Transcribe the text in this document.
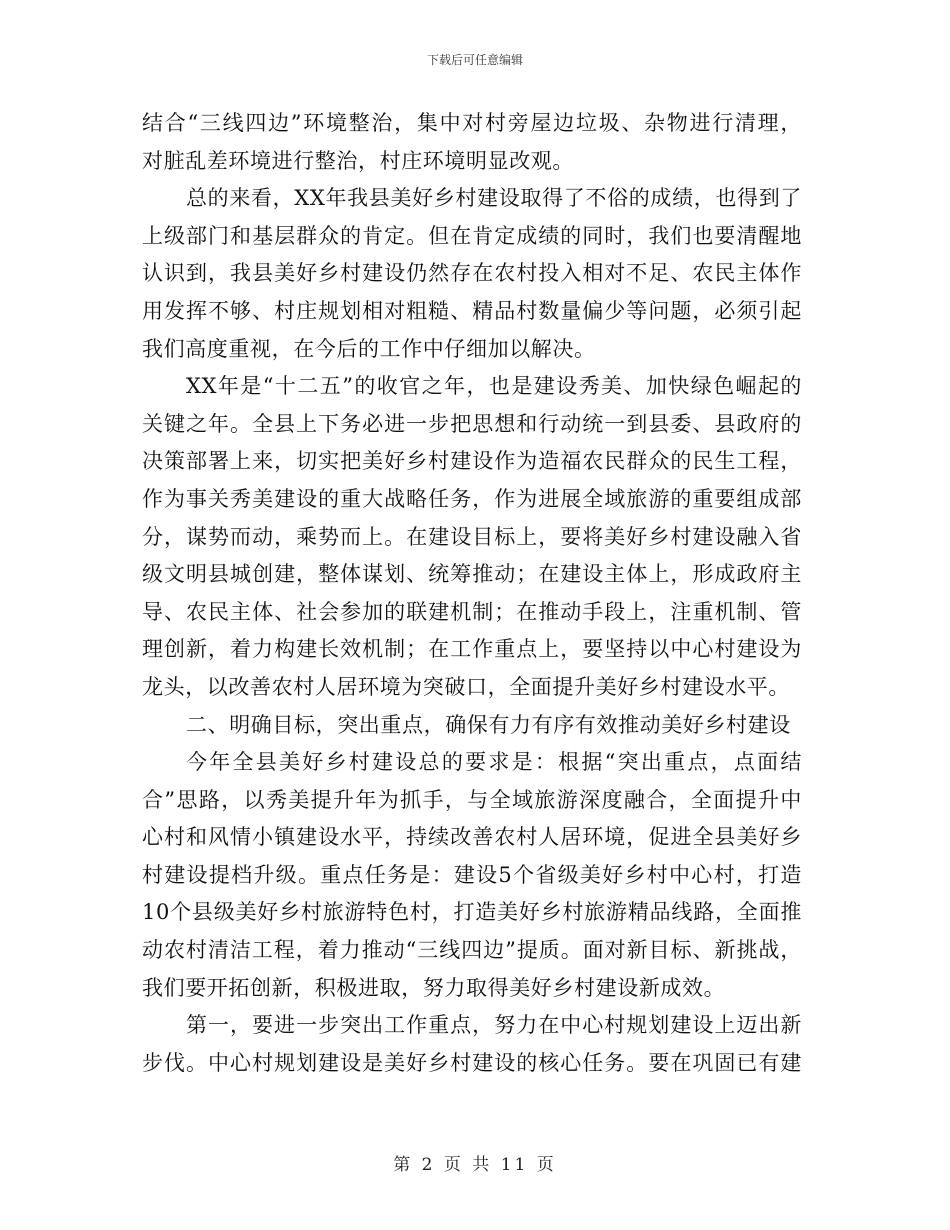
下载后可任意编辑
结合“三线四边”环境整治，集中对村旁屋边垃圾、杂物进行清理，
对脏乱差环境进行整治，村庄环境明显改观。
总的来看，XX年我县美好乡村建设取得了不俗的成绩，也得到了
上级部门和基层群众的肯定。但在肯定成绩的同时，我们也要清醒地
认识到，我县美好乡村建设仍然存在农村投入相对不足、农民主体作
用发挥不够、村庄规划相对粗糙、精品村数量偏少等问题，必须引起
我们高度重视，在今后的工作中仔细加以解决。
XX年是“十二五”的收官之年，也是建设秀美、加快绿色崛起的
关键之年。全县上下务必进一步把思想和行动统一到县委、县政府的
决策部署上来，切实把美好乡村建设作为造福农民群众的民生工程，
作为事关秀美建设的重大战略任务，作为进展全域旅游的重要组成部
分，谋势而动，乘势而上。在建设目标上，要将美好乡村建设融入省
级文明县城创建，整体谋划、统筹推动；在建设主体上，形成政府主
导、农民主体、社会参加的联建机制；在推动手段上，注重机制、管
理创新，着力构建长效机制；在工作重点上，要坚持以中心村建设为
龙头，以改善农村人居环境为突破口，全面提升美好乡村建设水平。
二、明确目标，突出重点，确保有力有序有效推动美好乡村建设
今年全县美好乡村建设总的要求是：根据“突出重点，点面结
合”思路，以秀美提升年为抓手，与全域旅游深度融合，全面提升中
心村和风情小镇建设水平，持续改善农村人居环境，促进全县美好乡
村建设提档升级。重点任务是：建设5个省级美好乡村中心村，打造
10个县级美好乡村旅游特色村，打造美好乡村旅游精品线路，全面推
动农村清洁工程，着力推动“三线四边”提质。面对新目标、新挑战，
我们要开拓创新，积极进取，努力取得美好乡村建设新成效。
第一，要进一步突出工作重点，努力在中心村规划建设上迈出新
步伐。中心村规划建设是美好乡村建设的核心任务。要在巩固已有建
第 2 页 共 11 页
